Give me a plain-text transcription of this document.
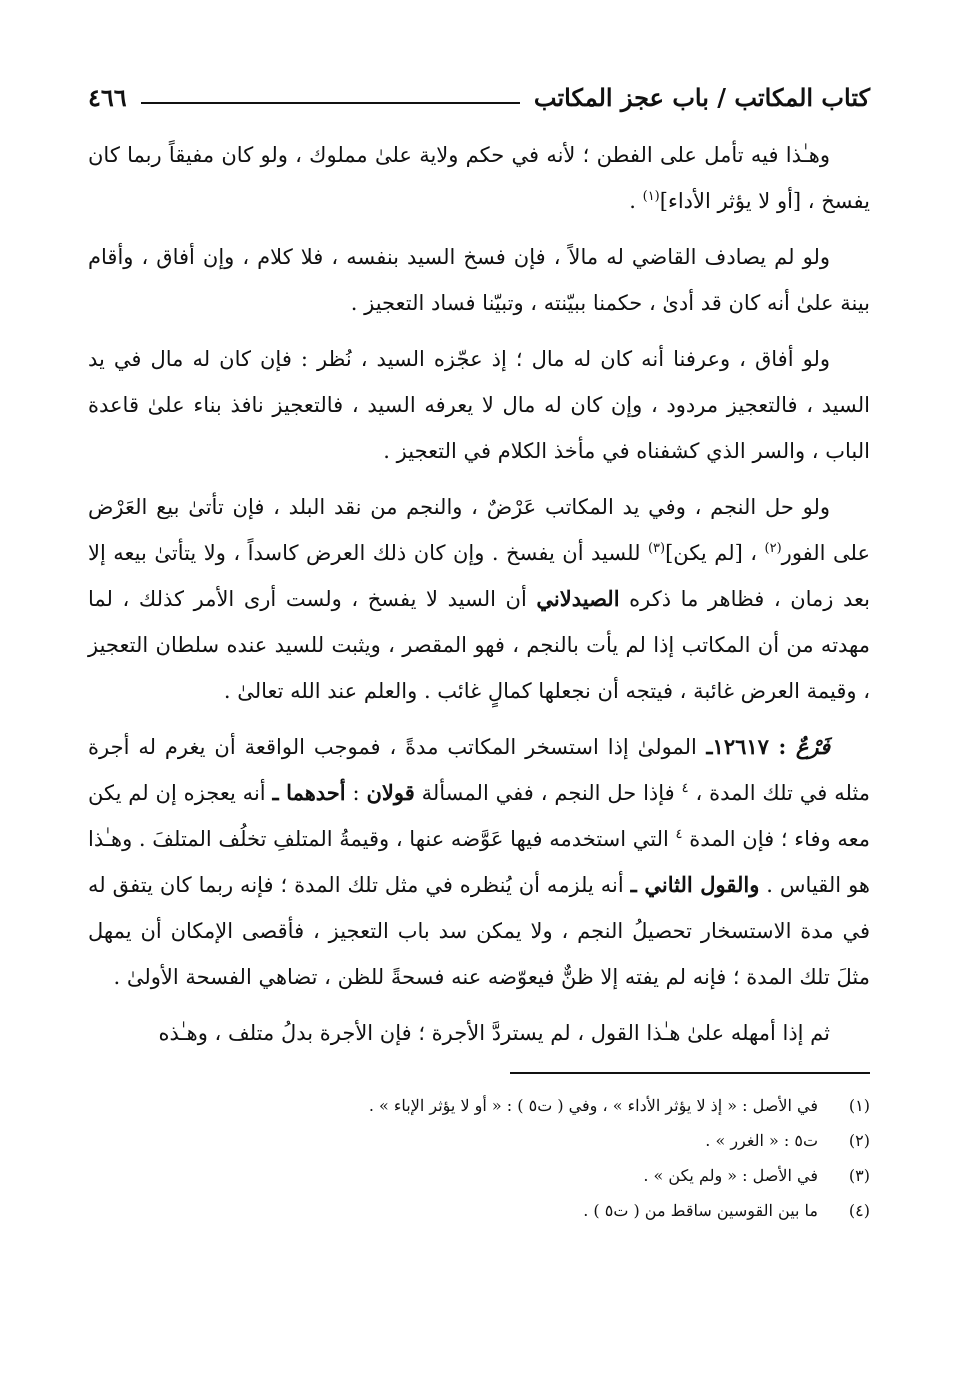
كتاب المكاتب / باب عجز المكاتب
٤٦٦

وهـٰذا فيه تأمل على الفطن ؛ لأنه في حكم ولاية علىٰ مملوك ، ولو كان مفيقاً ربما كان يفسخ ، [أو لا يؤثر الأداء]$^{(١)}$ .

ولو لم يصادف القاضي له مالاً ، فإن فسخ السيد بنفسه ، فلا كلام ، وإن أفاق ، وأقام بينة علىٰ أنه كان قد أدىٰ ، حكمنا ببيّنته ، وتبيّنا فساد التعجيز .

ولو أفاق ، وعرفنا أنه كان له مال ؛ إذ عجّزه السيد ، نُظر : فإن كان له مال في يد السيد ، فالتعجيز مردود ، وإن كان له مال لا يعرفه السيد ، فالتعجيز نافذ بناء علىٰ قاعدة الباب ، والسر الذي كشفناه في مأخذ الكلام في التعجيز .

ولو حل النجم ، وفي يد المكاتب عَرْضٌ ، والنجم من نقد البلد ، فإن تأتىٰ بيع العَرْض على الفور$^{(٢)}$ ، [لم يكن]$^{(٣)}$ للسيد أن يفسخ . وإن كان ذلك العرض كاسداً ، ولا يتأتىٰ بيعه إلا بعد زمان ، فظاهر ما ذكره الصيدلاني أن السيد لا يفسخ ، ولست أرى الأمر كذلك ، لما مهدته من أن المكاتب إذا لم يأت بالنجم ، فهو المقصر ، ويثبت للسيد عنده سلطان التعجيز ، وقيمة العرض غائبة ، فيتجه أن نجعلها كمالٍ غائب . والعلم عند الله تعالىٰ .

فَرْعٌ : ١٢٦١٧ـ المولىٰ إذا استسخر المكاتب مدةً ، فموجب الواقعة أن يغرم له أجرة مثله في تلك المدة ، $^٤$ فإذا حل النجم ، ففي المسألة قولان : أحدهما ـ أنه يعجزه إن لم يكن معه وفاء ؛ فإن المدة $^٤$ التي استخدمه فيها عَوَّضه عنها ، وقيمةُ المتلفِ تخلُف المتلفَ . وهـٰذا هو القياس . والقول الثاني ـ أنه يلزمه أن يُنظره في مثل تلك المدة ؛ فإنه ربما كان يتفق له في مدة الاستسخار تحصيلُ النجم ، ولا يمكن سد باب التعجيز ، فأقصى الإمكان أن يمهل مثلَ تلك المدة ؛ فإنه لم يفته إلا ظنٌّ فيعوّضه عنه فسحةً للظن ، تضاهي الفسحة الأولىٰ .

ثم إذا أمهله علىٰ هـٰذا القول ، لم يستردَّ الأجرة ؛ فإن الأجرة بدلُ متلف ، وهـٰذه

(١)
في الأصل : « إذ لا يؤثر الأداء » ، وفي ( ت٥ ) : « أو لا يؤثر الإباء » .
(٢)
ت٥ : « الغرر » .
(٣)
في الأصل : « ولم يكن » .
(٤)
ما بين القوسين ساقط من ( ت٥ ) .
